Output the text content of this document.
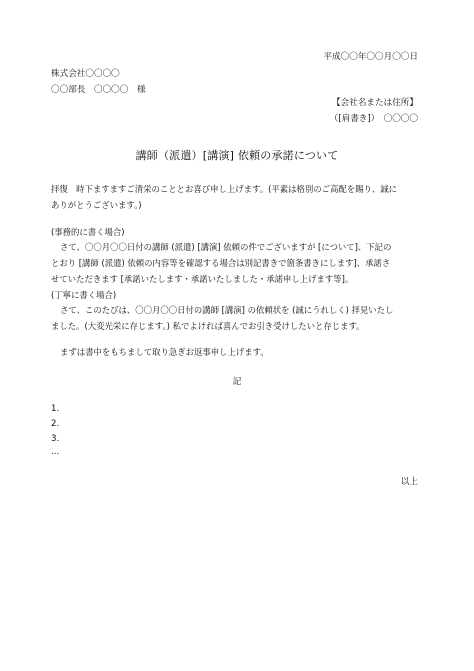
平成〇〇年〇〇月〇〇日
株式会社〇〇〇〇
〇〇部長　〇〇〇〇　様
【会社名または住所】
（[肩書き]）　〇〇〇〇
講師（派遣）[講演] 依頼の承諾について
拝復　時下ますますご清栄のこととお喜び申し上げます。(平素は格別のご高配を賜り、誠に
ありがとうございます。)
(事務的に書く場合)
さて、〇〇月〇〇日付の講師 (派遣) [講演] 依頼の件でございますが [について]、下記の
とおり [講師 (派遣) 依頼の内容等を確認する場合は別記書きで箇条書きにします]、承諾さ
せていただきます [承諾いたします・承諾いたしました・承諾申し上げます等]。
(丁寧に書く場合)
さて、このたびは、〇〇月〇〇日付の講師 [講演] の依頼状を (誠にうれしく) 拝見いたし
ました。(大変光栄に存じます。) 私でよければ喜んでお引き受けしたいと存じます。
まずは書中をもちまして取り急ぎお返事申し上げます。
記
1.
2.
3.
...
以上
